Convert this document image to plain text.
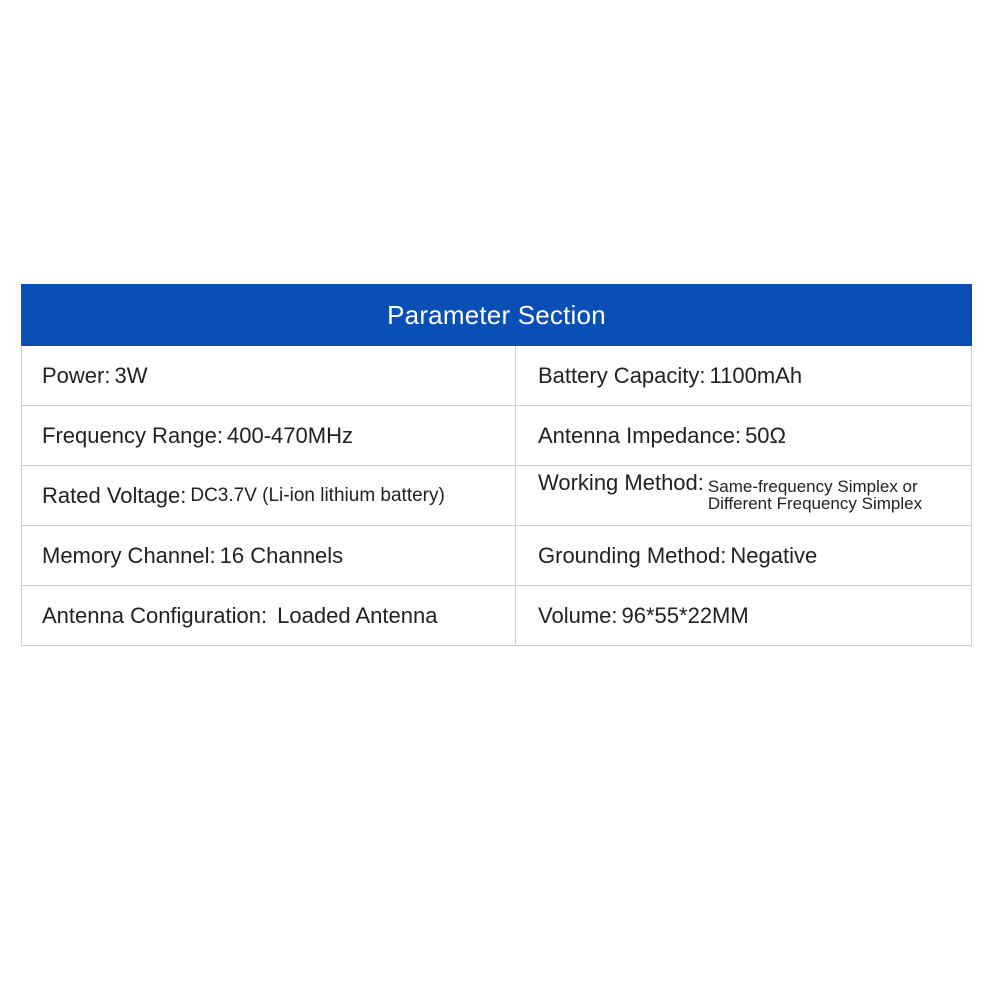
Parameter Section
Power : 3W	Battery Capacity : 1100mAh
Frequency Range : 400-470MHz	Antenna Impedance : 50Ω
Rated Voltage : DC3.7V (Li-ion lithium battery)	Working Method : Same-frequency Simplex or
Different Frequency Simplex
Memory Channel : 16 Channels	Grounding Method : Negative
Antenna Configuration : Loaded Antenna	Volume : 96*55*22MM
